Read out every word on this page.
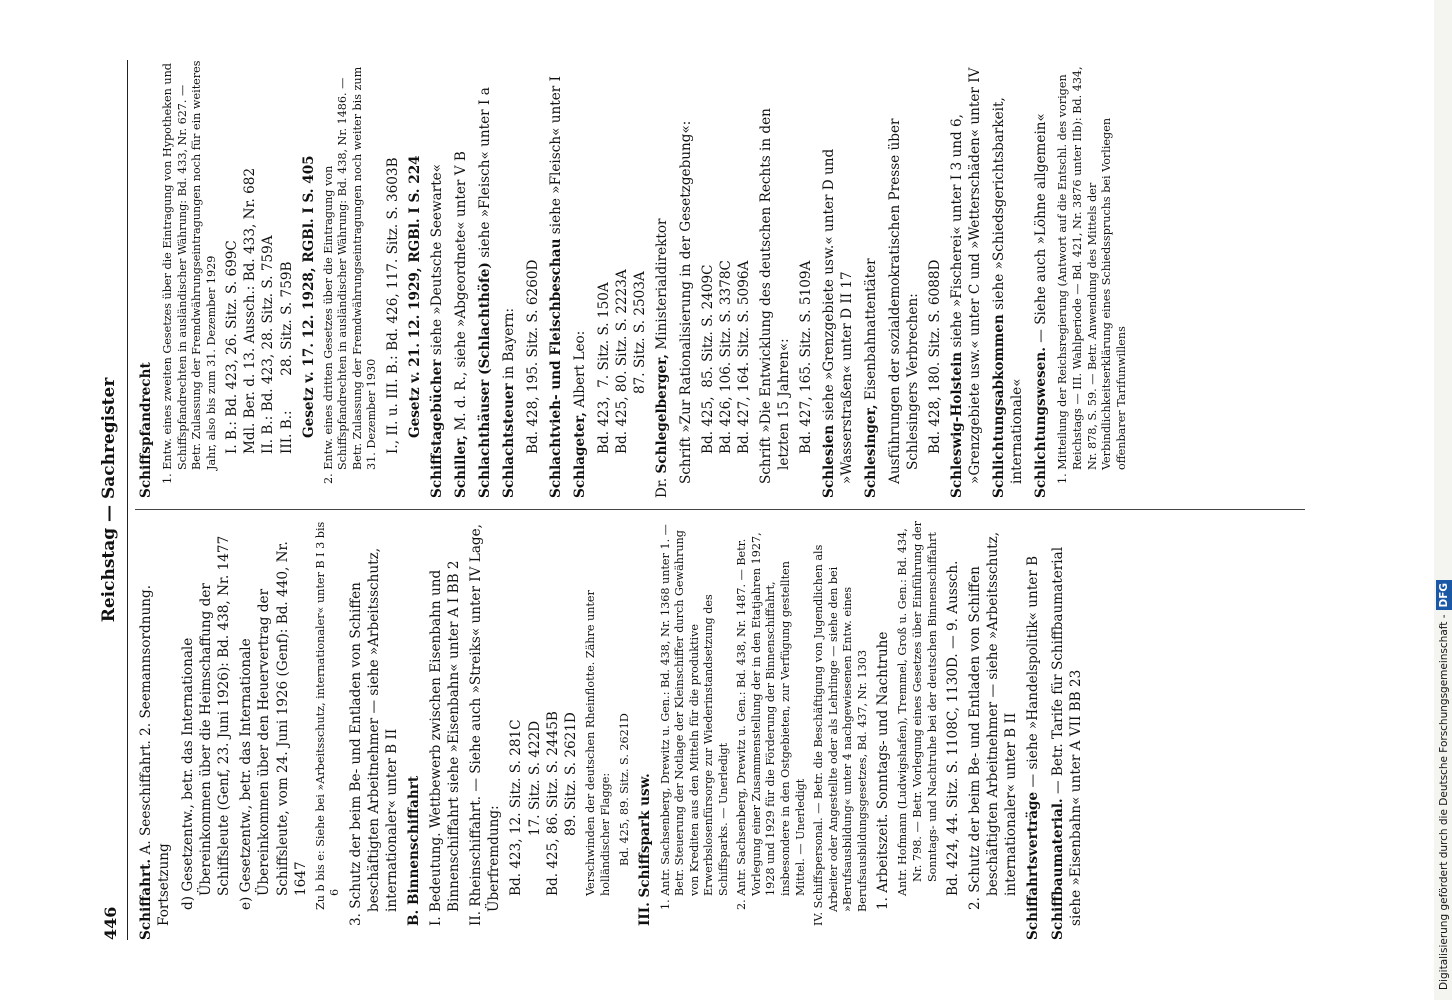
446
Reichstag — Sachregister
Schiffahrt. A. Seeschiffahrt. 2. Seemannsordnung. Fortsetzung d) Gesetzentw., betr. das Internationale Übereinkommen über die Heimschaffung der Schiffsleute (Genf, 23. Juni 1926): Bd. 438, Nr. 1477 e) Gesetzentw., betr. das Internationale Übereinkommen über den Heuervertrag der Schiffsleute, vom 24. Juni 1926 (Genf): Bd. 440, Nr. 1647 Zu b bis e: Siehe bei »Arbeitsschutz, internationaler« unter B I 3 bis 6 3. Schutz der beim Be- und Entladen von Schiffen beschäftigten Arbeitnehmer — siehe »Arbeitsschutz, internationaler« unter B II B. Binnenschiffahrt I. Bedeutung. Wettbewerb zwischen Eisenbahn und Binnenschiffahrt siehe »Eisenbahn« unter A I BB 2 II. Rheinschiffahrt. — Siehe auch »Streiks« unter IV Lage, Überfremdung: Bd. 423, 12. Sitz. S. 281C 17. Sitz. S. 422D Bd. 425, 86. Sitz. S. 2445B 89. Sitz. S. 2621D Verschwinden der deutschen Rheinflotte. Zähre unter holländischer Flagge: Bd. 425, 89. Sitz. S. 2621D III. Schiffspark usw. 1. Antr. Sachsenberg, Drewitz u. Gen.: Bd. 438, Nr. 1368 unter 1. — Betr. Steuerung der Notlage der Kleinschiffer durch Gewährung von Krediten aus den Mitteln für die produktive Erwerbslosenfürsorge zur Wiederinstandsetzung des Schiffsparks. — Unerledigt 2. Antr. Sachsenberg, Drewitz u. Gen.: Bd. 438, Nr. 1487. — Betr. Vorlegung einer Zusammenstellung der in den Etatjahren 1927, 1928 und 1929 für die Förderung der Binnenschiffahrt, insbesondere in den Ostgebieten, zur Verfügung gestellten Mittel. — Unerledigt IV. Schiffspersonal. — Betr. die Beschäftigung von Jugendlichen als Arbeiter oder Angestellte oder als Lehrlinge — siehe den bei »Berufsausbildung« unter 4 nachgewiesenen Entw. eines Berufsausbildungsgesetzes, Bd. 437, Nr. 1303 1. Arbeitszeit. Sonntags- und Nachtruhe Antr. Hofmann (Ludwigshafen), Tremmel, Groß u. Gen.: Bd. 434, Nr. 798. — Betr. Vorlegung eines Gesetzes über Einführung der Sonntags- und Nachtruhe bei der deutschen Binnenschiffahrt Bd. 424, 44. Sitz. S. 1108C, 1130D. — 9. Aussch. 2. Schutz der beim Be- und Entladen von Schiffen beschäftigten Arbeitnehmer — siehe »Arbeitsschutz, internationaler« unter B II Schiffahrtsverträge — siehe »Handelspolitik« unter B
Schiffbaumaterial. — Betr. Tarife für Schiffbaumaterial siehe »Eisenbahn« unter A VII BB 23
Schiffspfandrecht 1. Entw. eines zweiten Gesetzes über die Eintragung von Hypotheken und Schiffspfandrechten in ausländischer Währung: Bd. 433, Nr. 627. — Betr. Zulassung der Fremdwährungseintragungen noch für ein weiteres Jahr, also bis zum 31. Dezember 1929 I. B.: Bd. 423, 26. Sitz. S. 699C Mdl. Ber. d. 13. Aussch.: Bd. 433, Nr. 682 II. B.: Bd. 423, 28. Sitz. S. 759A III. B.:        28. Sitz. S. 759B Gesetz v. 17. 12. 1928, RGBl. I S. 405 2. Entw. eines dritten Gesetzes über die Eintragung von Schiffspfandrechten in ausländischer Währung: Bd. 438, Nr. 1486. — Betr. Zulassung der Fremdwährungseintragungen noch weiter bis zum 31. Dezember 1930 I., II. u. III. B.: Bd. 426, 117. Sitz. S. 3603B Gesetz v. 21. 12. 1929, RGBl. I S. 224 Schiffstagebücher siehe »Deutsche Seewarte«
Schiller, M. d. R., siehe »Abgeordnete« unter V B Schlachthäuser (Schlachthöfe) siehe »Fleisch« unter I a
Schlachtsteuer in Bayern: Bd. 428, 195. Sitz. S. 6260D Schlachtvieh- und Fleischbeschau siehe »Fleisch« unter I
Schlageter, Albert Leo: Bd. 423,  7. Sitz. S. 150A Bd. 425, 80. Sitz. S. 2223A 87. Sitz. S. 2503A
Dr. Schlegelberger, Ministerialdirektor Schrift »Zur Rationalisierung in der Gesetzgebung«: Bd. 425,  85. Sitz. S. 2409C Bd. 426, 106. Sitz. S. 3378C Bd. 427, 164. Sitz. S. 5096A Schrift »Die Entwicklung des deutschen Rechts in den letzten 15 Jahren«: Bd. 427, 165. Sitz. S. 5109A
Schlesien siehe »Grenzgebiete usw.« unter D und »Wasserstraßen« unter D II 17 Schlesinger, Eisenbahnattentäter Ausführungen der sozialdemokratischen Presse über Schlesingers Verbrechen: Bd. 428, 180. Sitz. S. 6088D Schleswig-Holstein siehe »Fischerei« unter I 3 und 6, »Grenzgebiete usw.« unter C und »Wetterschäden« unter IV Schlichtungsabkommen siehe »Schiedsgerichtsbarkeit, internationale« Schlichtungswesen. — Siehe auch »Löhne allgemein« 1. Mitteilung der Reichsregierung (Antwort auf die Entschl. des vorigen Reichstags — III. Wahlperiode — Bd. 421, Nr. 3876 unter IIb): Bd. 434, Nr. 878, S. 59. — Betr. Anwendung des Mittels der Verbindlichkeitserklärung eines Schiedsspruchs bei Vorliegen offenbarer Tarifunwillens
Digitalisierung gefördert durch die Deutsche Forschungsgemeinschaft -DFG
